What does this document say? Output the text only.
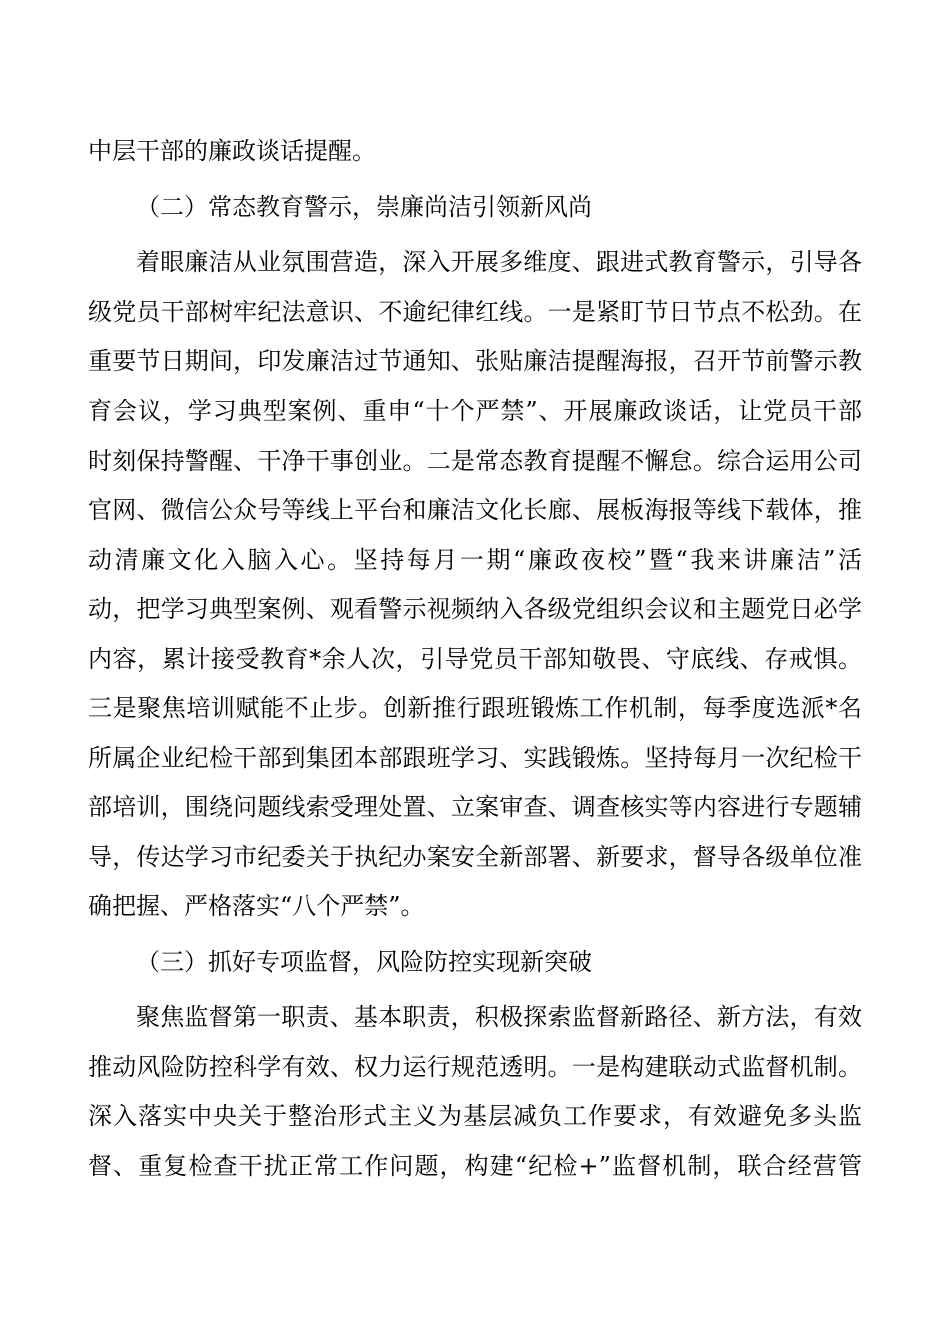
中层干部的廉政谈话提醒。
（二）常态教育警示，崇廉尚洁引领新风尚
着眼廉洁从业氛围营造，深入开展多维度、跟进式教育警示，引导各
级党员干部树牢纪法意识、不逾纪律红线。一是紧盯节日节点不松劲。在
重要节日期间，印发廉洁过节通知、张贴廉洁提醒海报，召开节前警示教
育会议，学习典型案例、重申“十个严禁”、开展廉政谈话，让党员干部
时刻保持警醒、干净干事创业。二是常态教育提醒不懈怠。综合运用公司
官网、微信公众号等线上平台和廉洁文化长廊、展板海报等线下载体，推
动清廉文化入脑入心。坚持每月一期“廉政夜校”暨“我来讲廉洁”活
动，把学习典型案例、观看警示视频纳入各级党组织会议和主题党日必学
内容，累计接受教育*余人次，引导党员干部知敬畏、守底线、存戒惧。
三是聚焦培训赋能不止步。创新推行跟班锻炼工作机制，每季度选派*名
所属企业纪检干部到集团本部跟班学习、实践锻炼。坚持每月一次纪检干
部培训，围绕问题线索受理处置、立案审查、调查核实等内容进行专题辅
导，传达学习市纪委关于执纪办案安全新部署、新要求，督导各级单位准
确把握、严格落实“八个严禁”。
（三）抓好专项监督，风险防控实现新突破
聚焦监督第一职责、基本职责，积极探索监督新路径、新方法，有效
推动风险防控科学有效、权力运行规范透明。一是构建联动式监督机制。
深入落实中央关于整治形式主义为基层减负工作要求，有效避免多头监
督、重复检查干扰正常工作问题，构建“纪检+”监督机制，联合经营管
